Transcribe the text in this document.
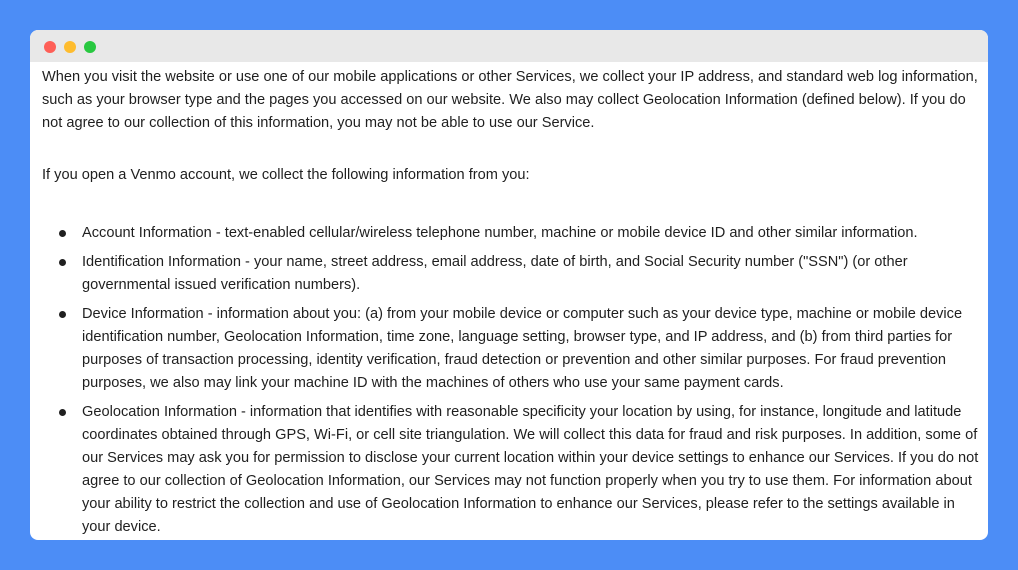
When you visit the website or use one of our mobile applications or other Services, we collect your IP address, and standard web log information, such as your browser type and the pages you accessed on our website. We also may collect Geolocation Information (defined below). If you do not agree to our collection of this information, you may not be able to use our Service.

If you open a Venmo account, we collect the following information from you:

Account Information - text-enabled cellular/wireless telephone number, machine or mobile device ID and other similar information.
Identification Information - your name, street address, email address, date of birth, and Social Security number ("SSN") (or other governmental issued verification numbers).
Device Information - information about you: (a) from your mobile device or computer such as your device type, machine or mobile device identification number, Geolocation Information, time zone, language setting, browser type, and IP address, and (b) from third parties for purposes of transaction processing, identity verification, fraud detection or prevention and other similar purposes. For fraud prevention purposes, we also may link your machine ID with the machines of others who use your same payment cards.
Geolocation Information - information that identifies with reasonable specificity your location by using, for instance, longitude and latitude coordinates obtained through GPS, Wi-Fi, or cell site triangulation. We will collect this data for fraud and risk purposes. In addition, some of our Services may ask you for permission to disclose your current location within your device settings to enhance our Services. If you do not agree to our collection of Geolocation Information, our Services may not function properly when you try to use them. For information about your ability to restrict the collection and use of Geolocation Information to enhance our Services, please refer to the settings available in your device.
